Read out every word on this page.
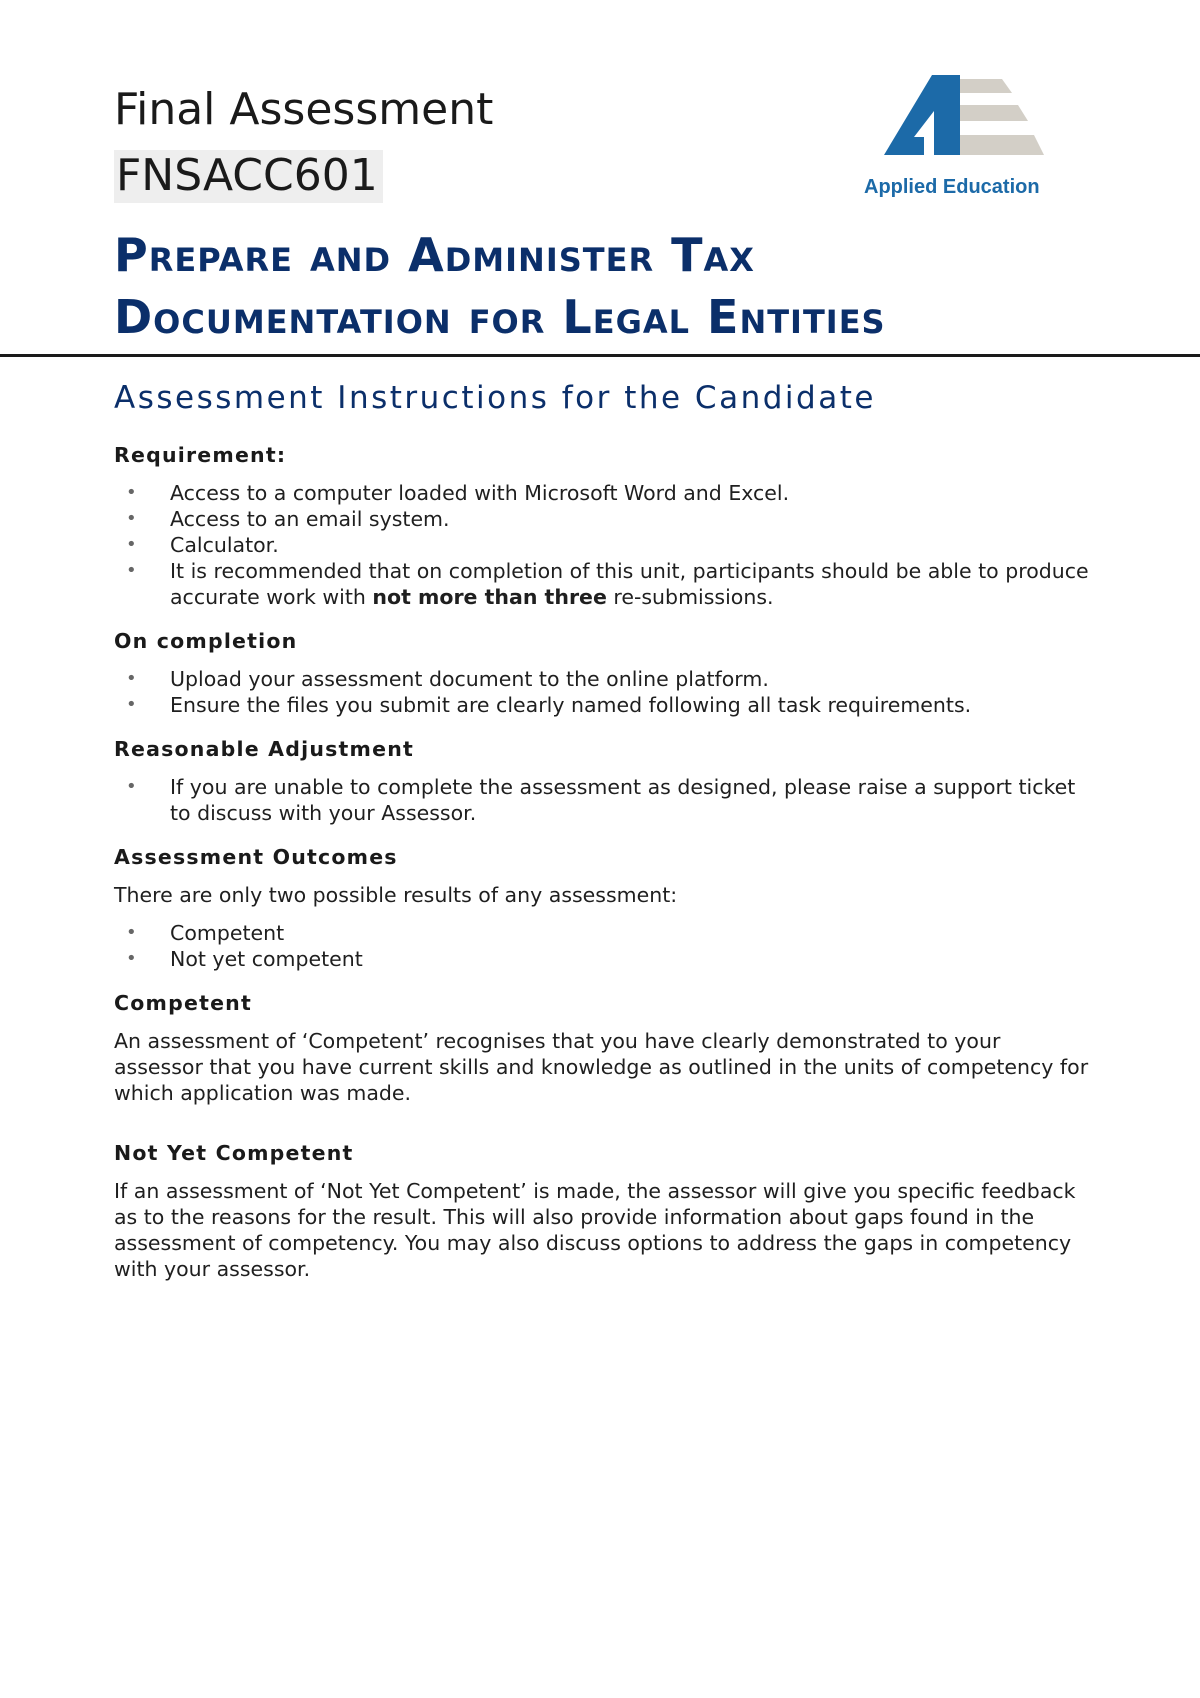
Final Assessment
FNSACC601	Applied Education
Prepare and Administer Tax
Documentation for Legal Entities
Assessment Instructions for the Candidate
Requirement:
• Access to a computer loaded with Microsoft Word and Excel.
• Access to an email system.
• Calculator.
• It is recommended that on completion of this unit, participants should be able to produce accurate work with not more than three re-submissions.
On completion
• Upload your assessment document to the online platform.
• Ensure the files you submit are clearly named following all task requirements.
Reasonable Adjustment
• If you are unable to complete the assessment as designed, please raise a support ticket to discuss with your Assessor.
Assessment Outcomes

There are only two possible results of any assessment:

• Competent
• Not yet competent
Competent

An assessment of ‘Competent’ recognises that you have clearly demonstrated to your assessor that you have current skills and knowledge as outlined in the units of competency for which application was made.

Not Yet Competent

If an assessment of ‘Not Yet Competent’ is made, the assessor will give you specific feedback as to the reasons for the result. This will also provide information about gaps found in the assessment of competency. You may also discuss options to address the gaps in competency with your assessor.
